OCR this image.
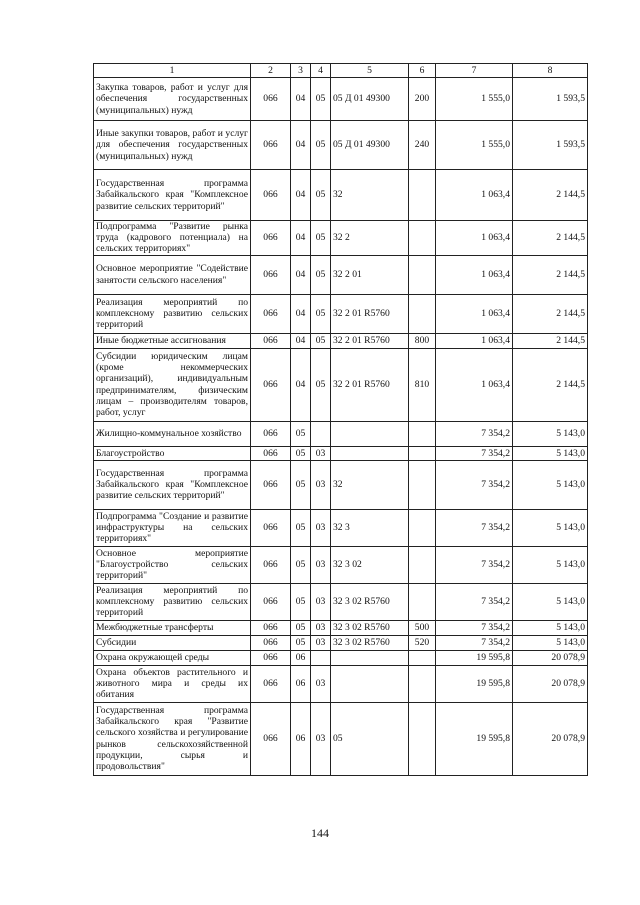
1	2	3	4	5	6	7	8
Закупка товаров, работ и услуг для обеспечения государственных (муниципальных) нужд	066	04	05	05 Д 01 49300	200	1 555,0	1 593,5
Иные закупки товаров, работ и услуг для обеспечения государственных (муниципальных) нужд	066	04	05	05 Д 01 49300	240	1 555,0	1 593,5
Государственная программа Забайкальского края "Комплексное развитие сельских территорий"	066	04	05	32		1 063,4	2 144,5
Подпрограмма "Развитие рынка труда (кадрового потенциала) на сельских территориях"	066	04	05	32 2		1 063,4	2 144,5
Основное мероприятие "Содействие занятости сельского населения"	066	04	05	32 2 01		1 063,4	2 144,5
Реализация мероприятий по комплексному развитию сельских территорий	066	04	05	32 2 01 R5760		1 063,4	2 144,5
Иные бюджетные ассигнования	066	04	05	32 2 01 R5760	800	1 063,4	2 144,5
Субсидии юридическим лицам (кроме некоммерческих организаций), индивидуальным предпринимателям, физическим лицам – производителям товаров, работ, услуг	066	04	05	32 2 01 R5760	810	1 063,4	2 144,5
Жилищно-коммунальное хозяйство	066	05				7 354,2	5 143,0
Благоустройство	066	05	03			7 354,2	5 143,0
Государственная программа Забайкальского края "Комплексное развитие сельских территорий"	066	05	03	32		7 354,2	5 143,0
Подпрограмма "Создание и развитие инфраструктуры на сельских территориях"	066	05	03	32 3		7 354,2	5 143,0
Основное мероприятие "Благоустройство сельских территорий"	066	05	03	32 3 02		7 354,2	5 143,0
Реализация мероприятий по комплексному развитию сельских территорий	066	05	03	32 3 02 R5760		7 354,2	5 143,0
Межбюджетные трансферты	066	05	03	32 3 02 R5760	500	7 354,2	5 143,0
Субсидии	066	05	03	32 3 02 R5760	520	7 354,2	5 143,0
Охрана окружающей среды	066	06				19 595,8	20 078,9
Охрана объектов растительного и животного мира и среды их обитания	066	06	03			19 595,8	20 078,9
Государственная программа Забайкальского края "Развитие сельского хозяйства и регулирование рынков сельскохозяйственной продукции, сырья и продовольствия"	066	06	03	05		19 595,8	20 078,9
144
